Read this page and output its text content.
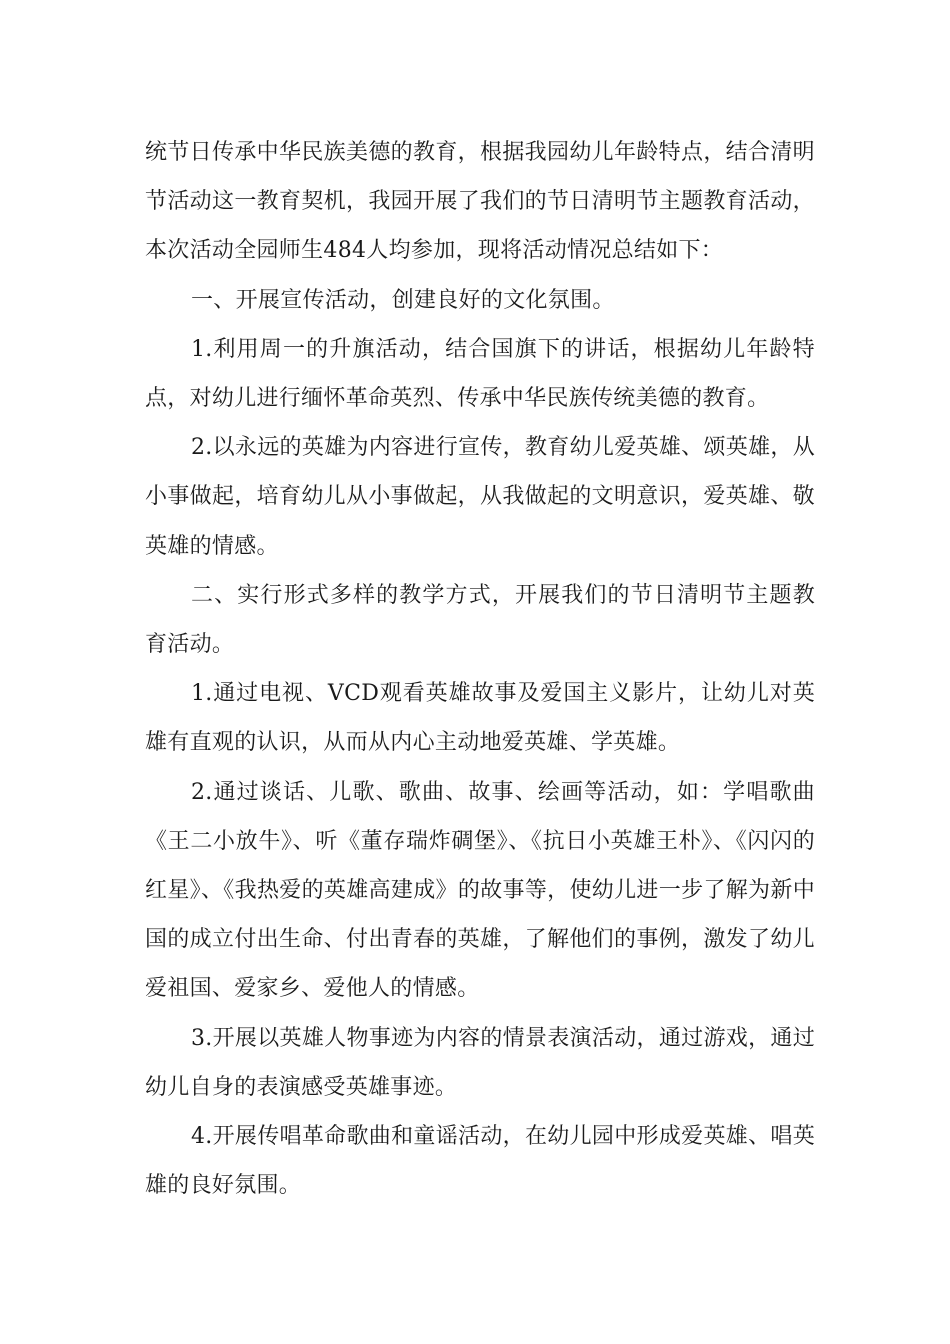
统节日传承中华民族美德的教育，根据我园幼儿年龄特点，结合清明节活动这一教育契机，我园开展了我们的节日清明节主题教育活动，本次活动全园师生484人均参加，现将活动情况总结如下：

一、开展宣传活动，创建良好的文化氛围。

1.利用周一的升旗活动，结合国旗下的讲话，根据幼儿年龄特点，对幼儿进行缅怀革命英烈、传承中华民族传统美德的教育。

2.以永远的英雄为内容进行宣传，教育幼儿爱英雄、颂英雄，从小事做起，培育幼儿从小事做起，从我做起的文明意识，爱英雄、敬英雄的情感。

二、实行形式多样的教学方式，开展我们的节日清明节主题教育活动。

1.通过电视、VCD观看英雄故事及爱国主义影片，让幼儿对英雄有直观的认识，从而从内心主动地爱英雄、学英雄。

2.通过谈话、儿歌、歌曲、故事、绘画等活动，如：学唱歌曲《王二小放牛》、听《董存瑞炸碉堡》、《抗日小英雄王朴》、《闪闪的红星》、《我热爱的英雄高建成》的故事等，使幼儿进一步了解为新中国的成立付出生命、付出青春的英雄，了解他们的事例，激发了幼儿爱祖国、爱家乡、爱他人的情感。

3.开展以英雄人物事迹为内容的情景表演活动，通过游戏，通过幼儿自身的表演感受英雄事迹。

4.开展传唱革命歌曲和童谣活动，在幼儿园中形成爱英雄、唱英雄的良好氛围。
